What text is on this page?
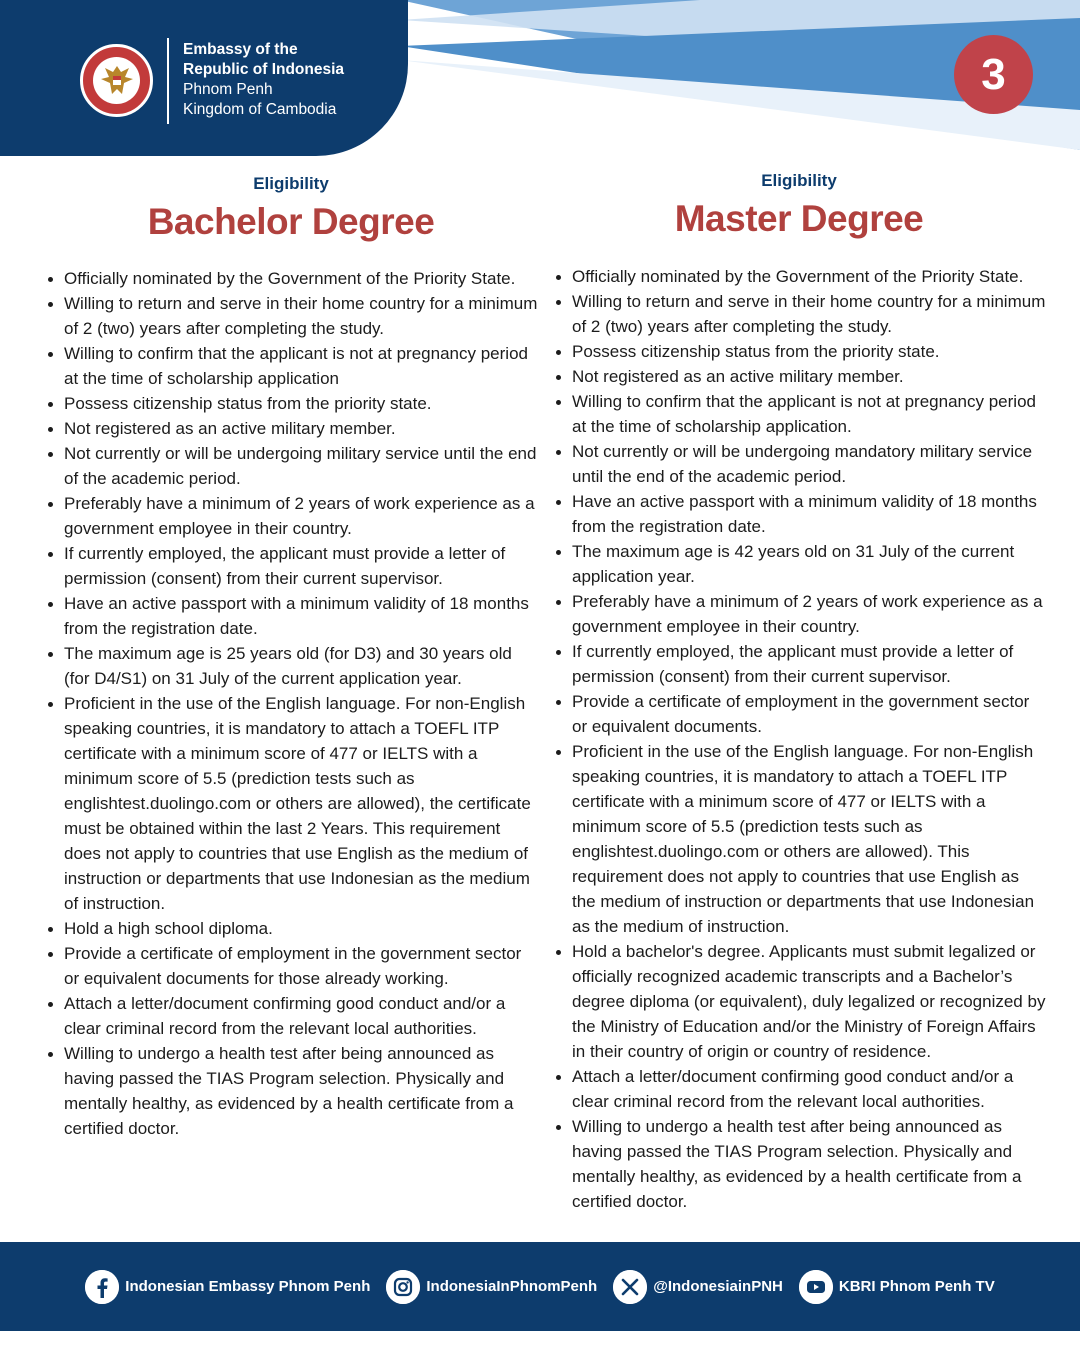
Embassy of the
Republic of Indonesia
Phnom Penh
Kingdom of Cambodia
3
Eligibility
Bachelor Degree
Officially nominated by the Government of the Priority State.
Willing to return and serve in their home country for a minimum of 2 (two) years after completing the study.
Willing to confirm that the applicant is not at pregnancy period at the time of scholarship application
Possess citizenship status from the priority state.
Not registered as an active military member.
Not currently or will be undergoing military service until the end of the academic period.
Preferably have a minimum of 2 years of work experience as a government employee in their country.
If currently employed, the applicant must provide a letter of permission (consent) from their current supervisor.
Have an active passport with a minimum validity of 18 months from the registration date.
The maximum age is 25 years old (for D3) and 30 years old (for D4/S1) on 31 July of the current application year.
Proficient in the use of the English language. For non-English speaking countries, it is mandatory to attach a TOEFL ITP certificate with a minimum score of 477 or IELTS with a minimum score of 5.5 (prediction tests such as englishtest.duolingo.com or others are allowed), the certificate must be obtained within the last 2 Years. This requirement does not apply to countries that use English as the medium of instruction or departments that use Indonesian as the medium of instruction.
Hold a high school diploma.
Provide a certificate of employment in the government sector or equivalent documents for those already working.
Attach a letter/document confirming good conduct and/or a clear criminal record from the relevant local authorities.
Willing to undergo a health test after being announced as having passed the TIAS Program selection. Physically and mentally healthy, as evidenced by a health certificate from a certified doctor.
Eligibility
Master Degree
Officially nominated by the Government of the Priority State.
Willing to return and serve in their home country for a minimum of 2 (two) years after completing the study.
Possess citizenship status from the priority state.
Not registered as an active military member.
Willing to confirm that the applicant is not at pregnancy period at the time of scholarship application.
Not currently or will be undergoing mandatory military service until the end of the academic period.
Have an active passport with a minimum validity of 18 months from the registration date.
The maximum age is 42 years old on 31 July of the current application year.
Preferably have a minimum of 2 years of work experience as a government employee in their country.
If currently employed, the applicant must provide a letter of permission (consent) from their current supervisor.
Provide a certificate of employment in the government sector or equivalent documents.
Proficient in the use of the English language. For non-English speaking countries, it is mandatory to attach a TOEFL ITP certificate with a minimum score of 477 or IELTS with a minimum score of 5.5 (prediction tests such as englishtest.duolingo.com or others are allowed). This requirement does not apply to countries that use English as the medium of instruction or departments that use Indonesian as the medium of instruction.
Hold a bachelor's degree. Applicants must submit legalized or officially recognized academic transcripts and a Bachelor’s degree diploma (or equivalent), duly legalized or recognized by the Ministry of Education and/or the Ministry of Foreign Affairs in their country of origin or country of residence.
Attach a letter/document confirming good conduct and/or a clear criminal record from the relevant local authorities.
Willing to undergo a health test after being announced as having passed the TIAS Program selection. Physically and mentally healthy, as evidenced by a health certificate from a certified doctor.
Indonesian Embassy Phnom Penh	IndonesiaInPhnomPenh	@IndonesiainPNH	KBRI Phnom Penh TV
